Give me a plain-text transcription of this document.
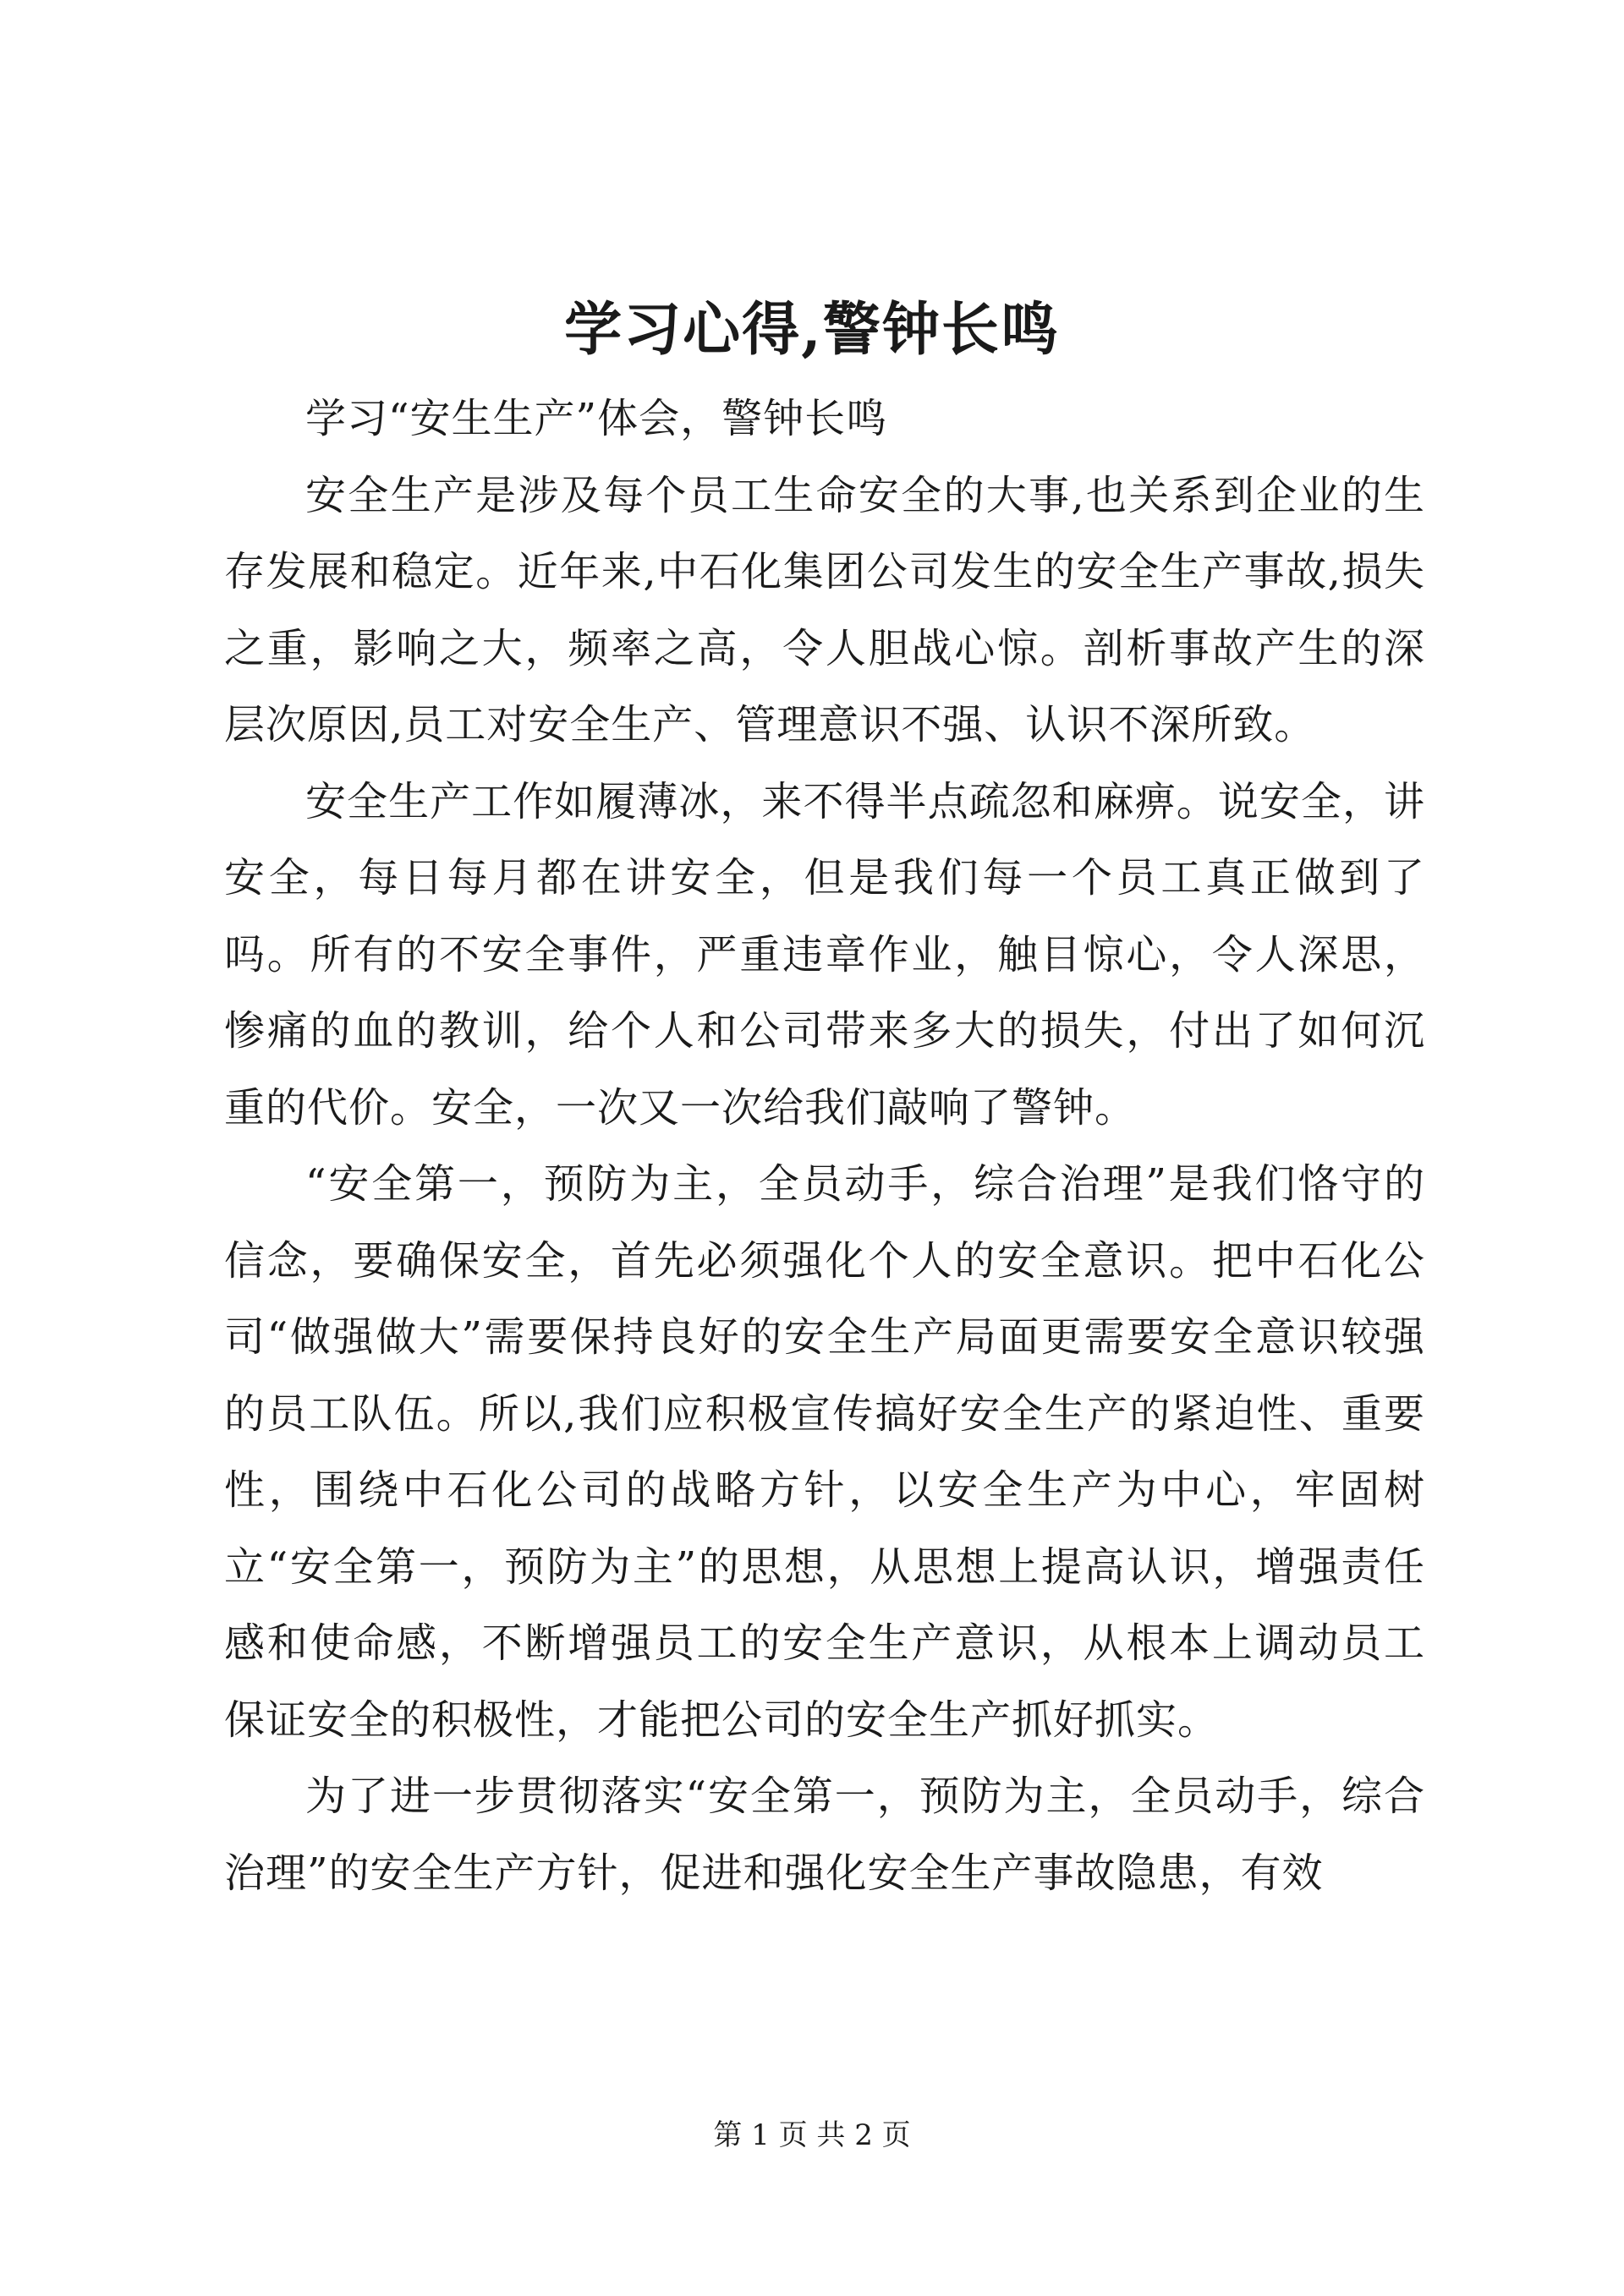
学习心得,警钟长鸣

学习“安生生产”体会，警钟长鸣

安全生产是涉及每个员工生命安全的大事,也关系到企业的生存发展和稳定。近年来,中石化集团公司发生的安全生产事故,损失之重，影响之大，频率之高，令人胆战心惊。剖析事故产生的深层次原因,员工对安全生产、管理意识不强、认识不深所致。

安全生产工作如履薄冰，来不得半点疏忽和麻痹。说安全，讲安全，每日每月都在讲安全，但是我们每一个员工真正做到了吗。所有的不安全事件，严重违章作业，触目惊心，令人深思，惨痛的血的教训，给个人和公司带来多大的损失，付出了如何沉重的代价。安全，一次又一次给我们敲响了警钟。

“安全第一，预防为主，全员动手，综合治理”是我们恪守的信念，要确保安全，首先必须强化个人的安全意识。把中石化公司“做强做大”需要保持良好的安全生产局面更需要安全意识较强的员工队伍。所以,我们应积极宣传搞好安全生产的紧迫性、重要性，围绕中石化公司的战略方针，以安全生产为中心，牢固树立“安全第一，预防为主”的思想，从思想上提高认识，增强责任感和使命感，不断增强员工的安全生产意识，从根本上调动员工保证安全的积极性，才能把公司的安全生产抓好抓实。

为了进一步贯彻落实“安全第一，预防为主，全员动手，综合治理”的安全生产方针，促进和强化安全生产事故隐患，有效

第 1 页 共 2 页
